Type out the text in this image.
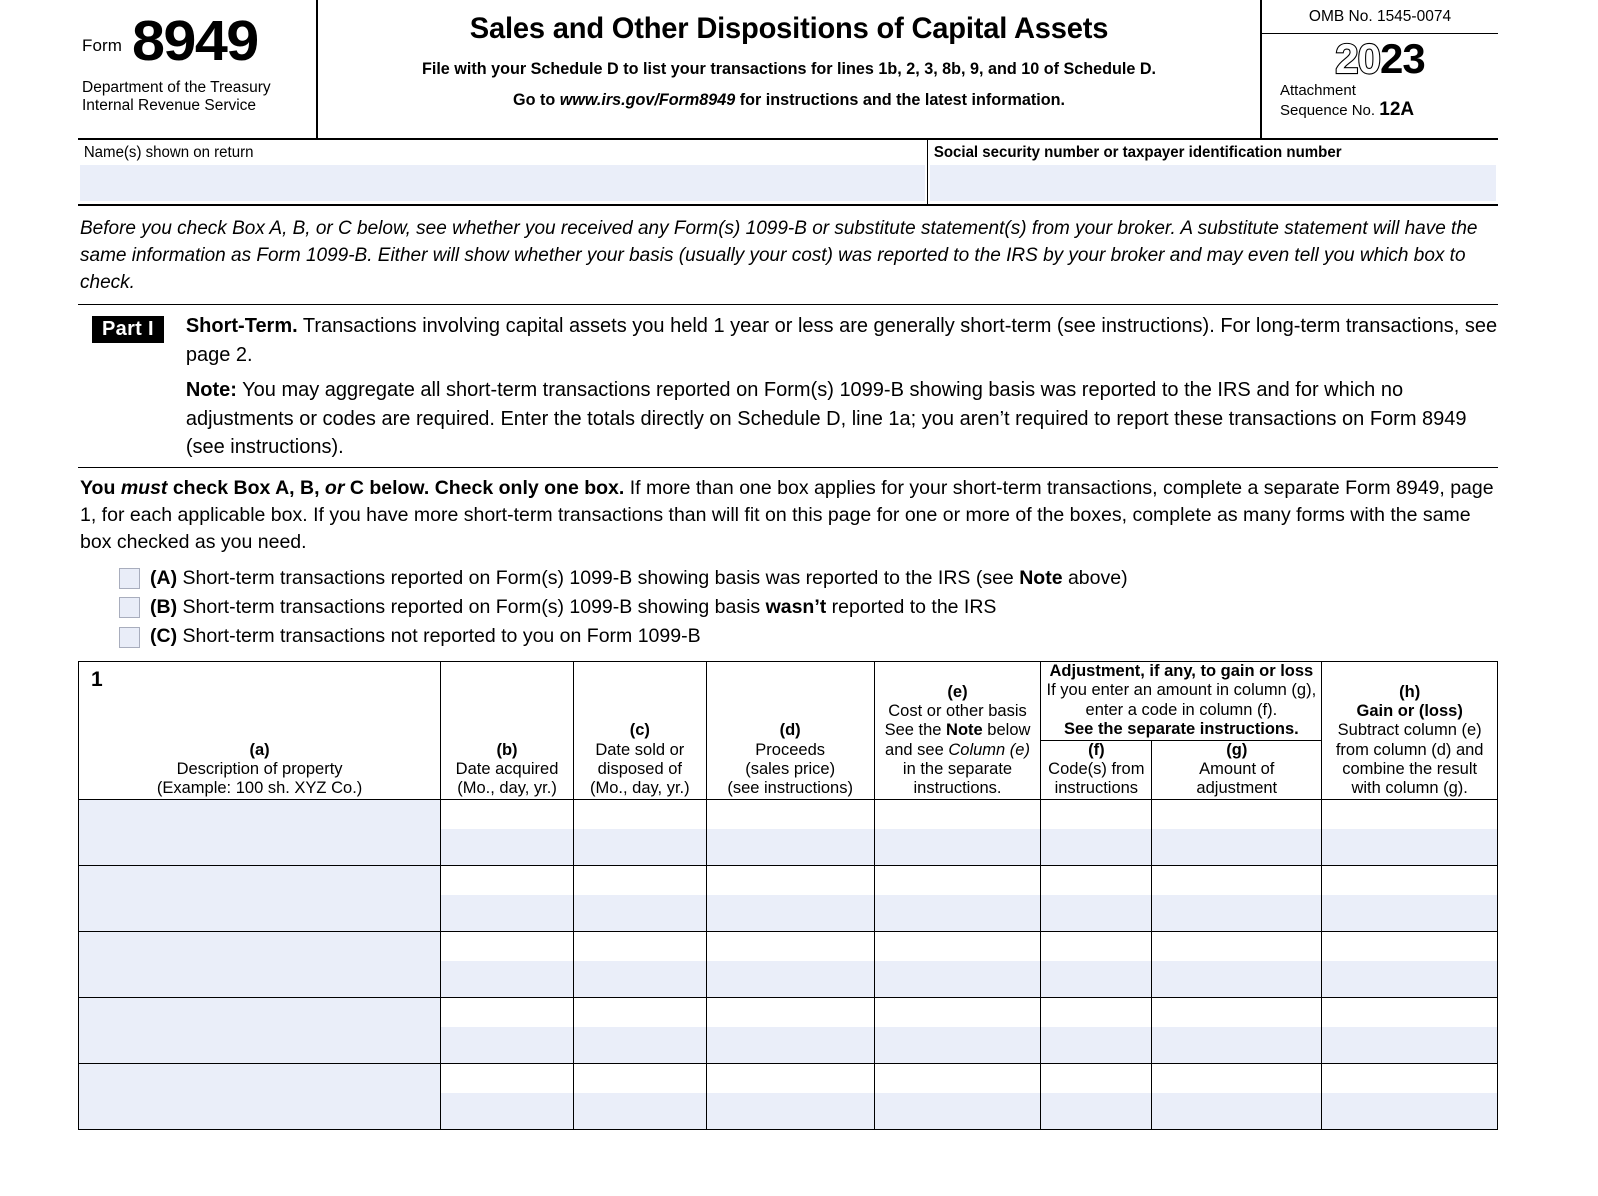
Form 8949
Department of the Treasury
Internal Revenue Service
Sales and Other Dispositions of Capital Assets
File with your Schedule D to list your transactions for lines 1b, 2, 3, 8b, 9, and 10 of Schedule D.
Go to www.irs.gov/Form8949 for instructions and the latest information.
OMB No. 1545-0074
2023
Attachment
Sequence No. 12A
Name(s) shown on return	Social security number or taxpayer identification number
Before you check Box A, B, or C below, see whether you received any Form(s) 1099-B or substitute statement(s) from your broker. A substitute statement will have the same information as Form 1099-B. Either will show whether your basis (usually your cost) was reported to the IRS by your broker and may even tell you which box to check.
Part I	Short-Term. Transactions involving capital assets you held 1 year or less are generally short-term (see instructions). For long-term transactions, see page 2.

Note: You may aggregate all short-term transactions reported on Form(s) 1099-B showing basis was reported to the IRS and for which no adjustments or codes are required. Enter the totals directly on Schedule D, line 1a; you aren’t required to report these transactions on Form 8949 (see instructions).

You must check Box A, B, or C below. Check only one box. If more than one box applies for your short-term transactions, complete a separate Form 8949, page 1, for each applicable box. If you have more short-term transactions than will fit on this page for one or more of the boxes, complete as many forms with the same box checked as you need.
(A) Short-term transactions reported on Form(s) 1099-B showing basis was reported to the IRS (see Note above)
(B) Short-term transactions reported on Form(s) 1099-B showing basis wasn’t reported to the IRS
(C) Short-term transactions not reported to you on Form 1099-B
1
(a)
Description of property
(Example: 100 sh. XYZ Co.)

(b)
Date acquired
(Mo., day, yr.)

(c)
Date sold or
disposed of
(Mo., day, yr.)

(d)
Proceeds
(sales price)
(see instructions)

(e)
Cost or other basis
See the Note below
and see Column (e)
in the separate
instructions.

Adjustment, if any, to gain or loss
If you enter an amount in column (g),
enter a code in column (f).
See the separate instructions.

(h)
Gain or (loss)
Subtract column (e)
from column (d) and
combine the result
with column (g).

(f)
Code(s) from
instructions

(g)
Amount of
adjustment
